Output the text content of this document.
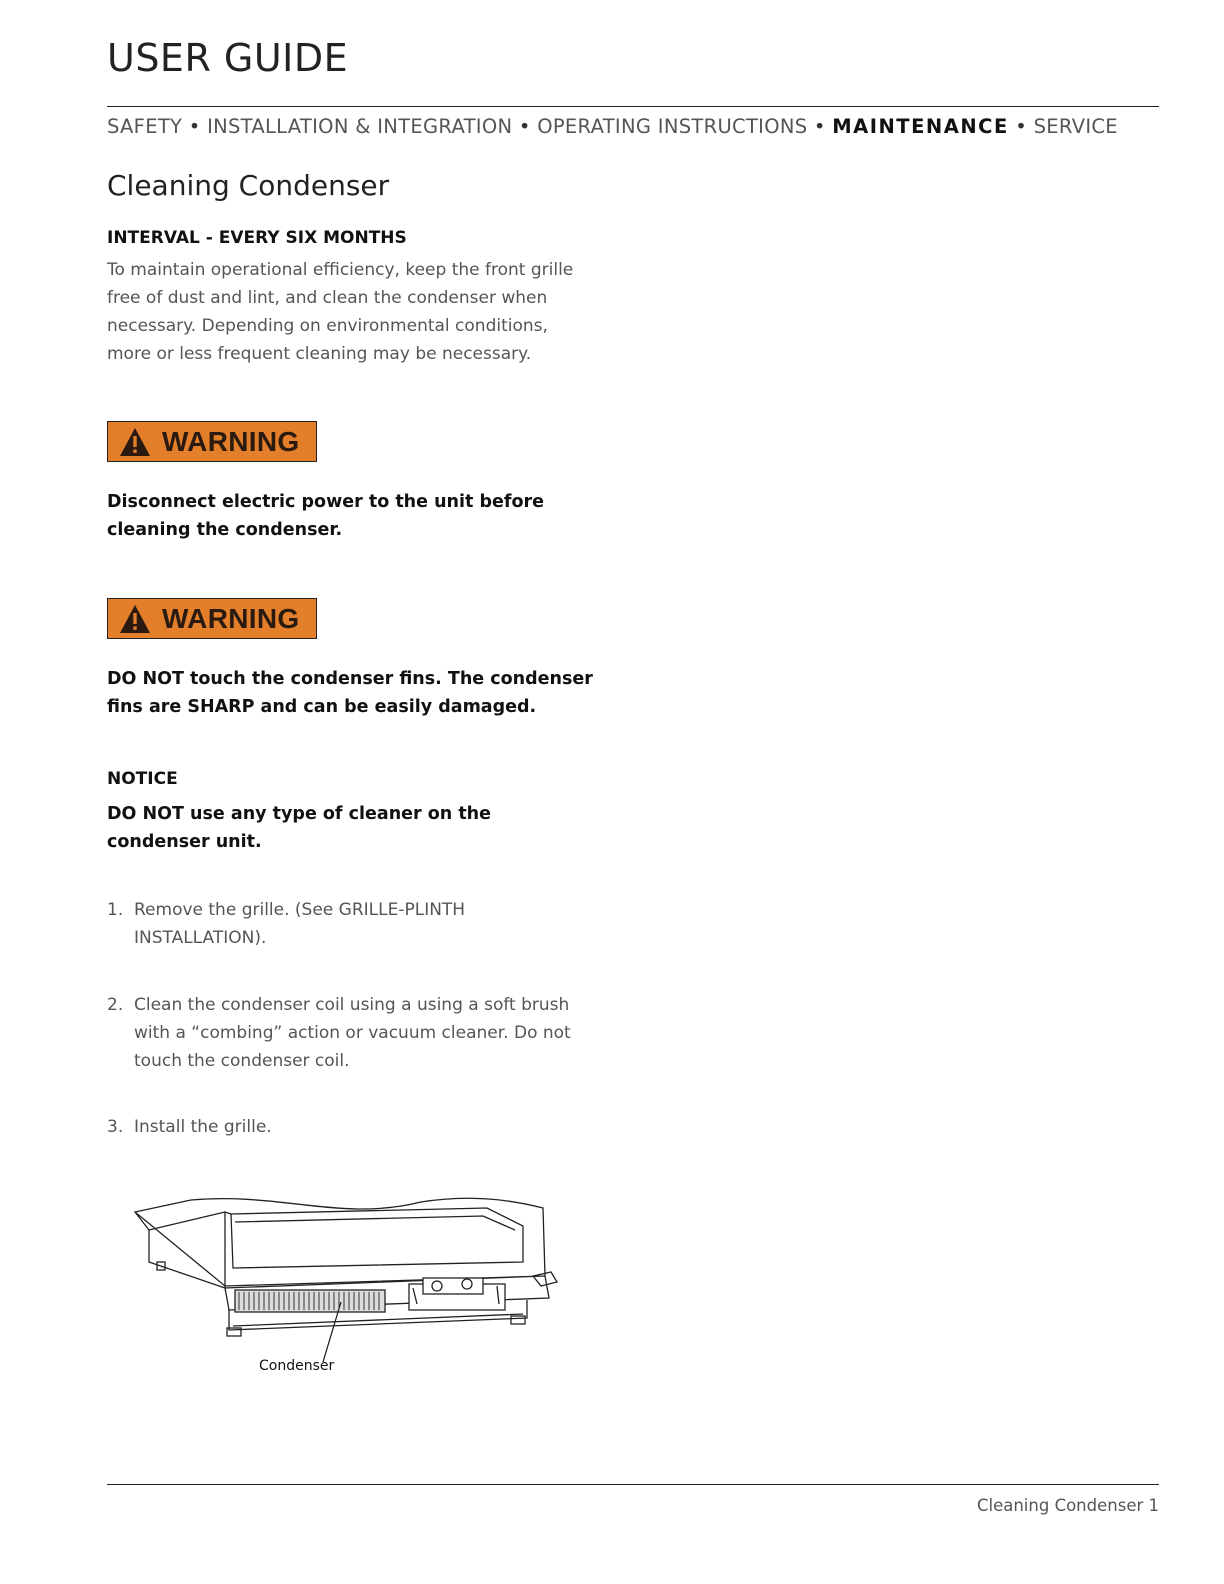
USER GUIDE
SAFETY • INSTALLATION & INTEGRATION • OPERATING INSTRUCTIONS • MAINTENANCE • SERVICE
Cleaning Condenser

INTERVAL - EVERY SIX MONTHS

To maintain operational efficiency, keep the front grille free of dust and lint, and clean the condenser when necessary. Depending on environmental conditions, more or less frequent cleaning may be necessary.

WARNING

Disconnect electric power to the unit before cleaning the condenser.

WARNING

DO NOT touch the condenser fins. The condenser fins are SHARP and can be easily damaged.

NOTICE

DO NOT use any type of cleaner on the condenser unit.

1. Remove the grille. (See GRILLE-PLINTH INSTALLATION).
2. Clean the condenser coil using a using a soft brush with a “combing” action or vacuum cleaner. Do not touch the condenser coil.
3. Install the grille.
Condenser
Cleaning Condenser 1
